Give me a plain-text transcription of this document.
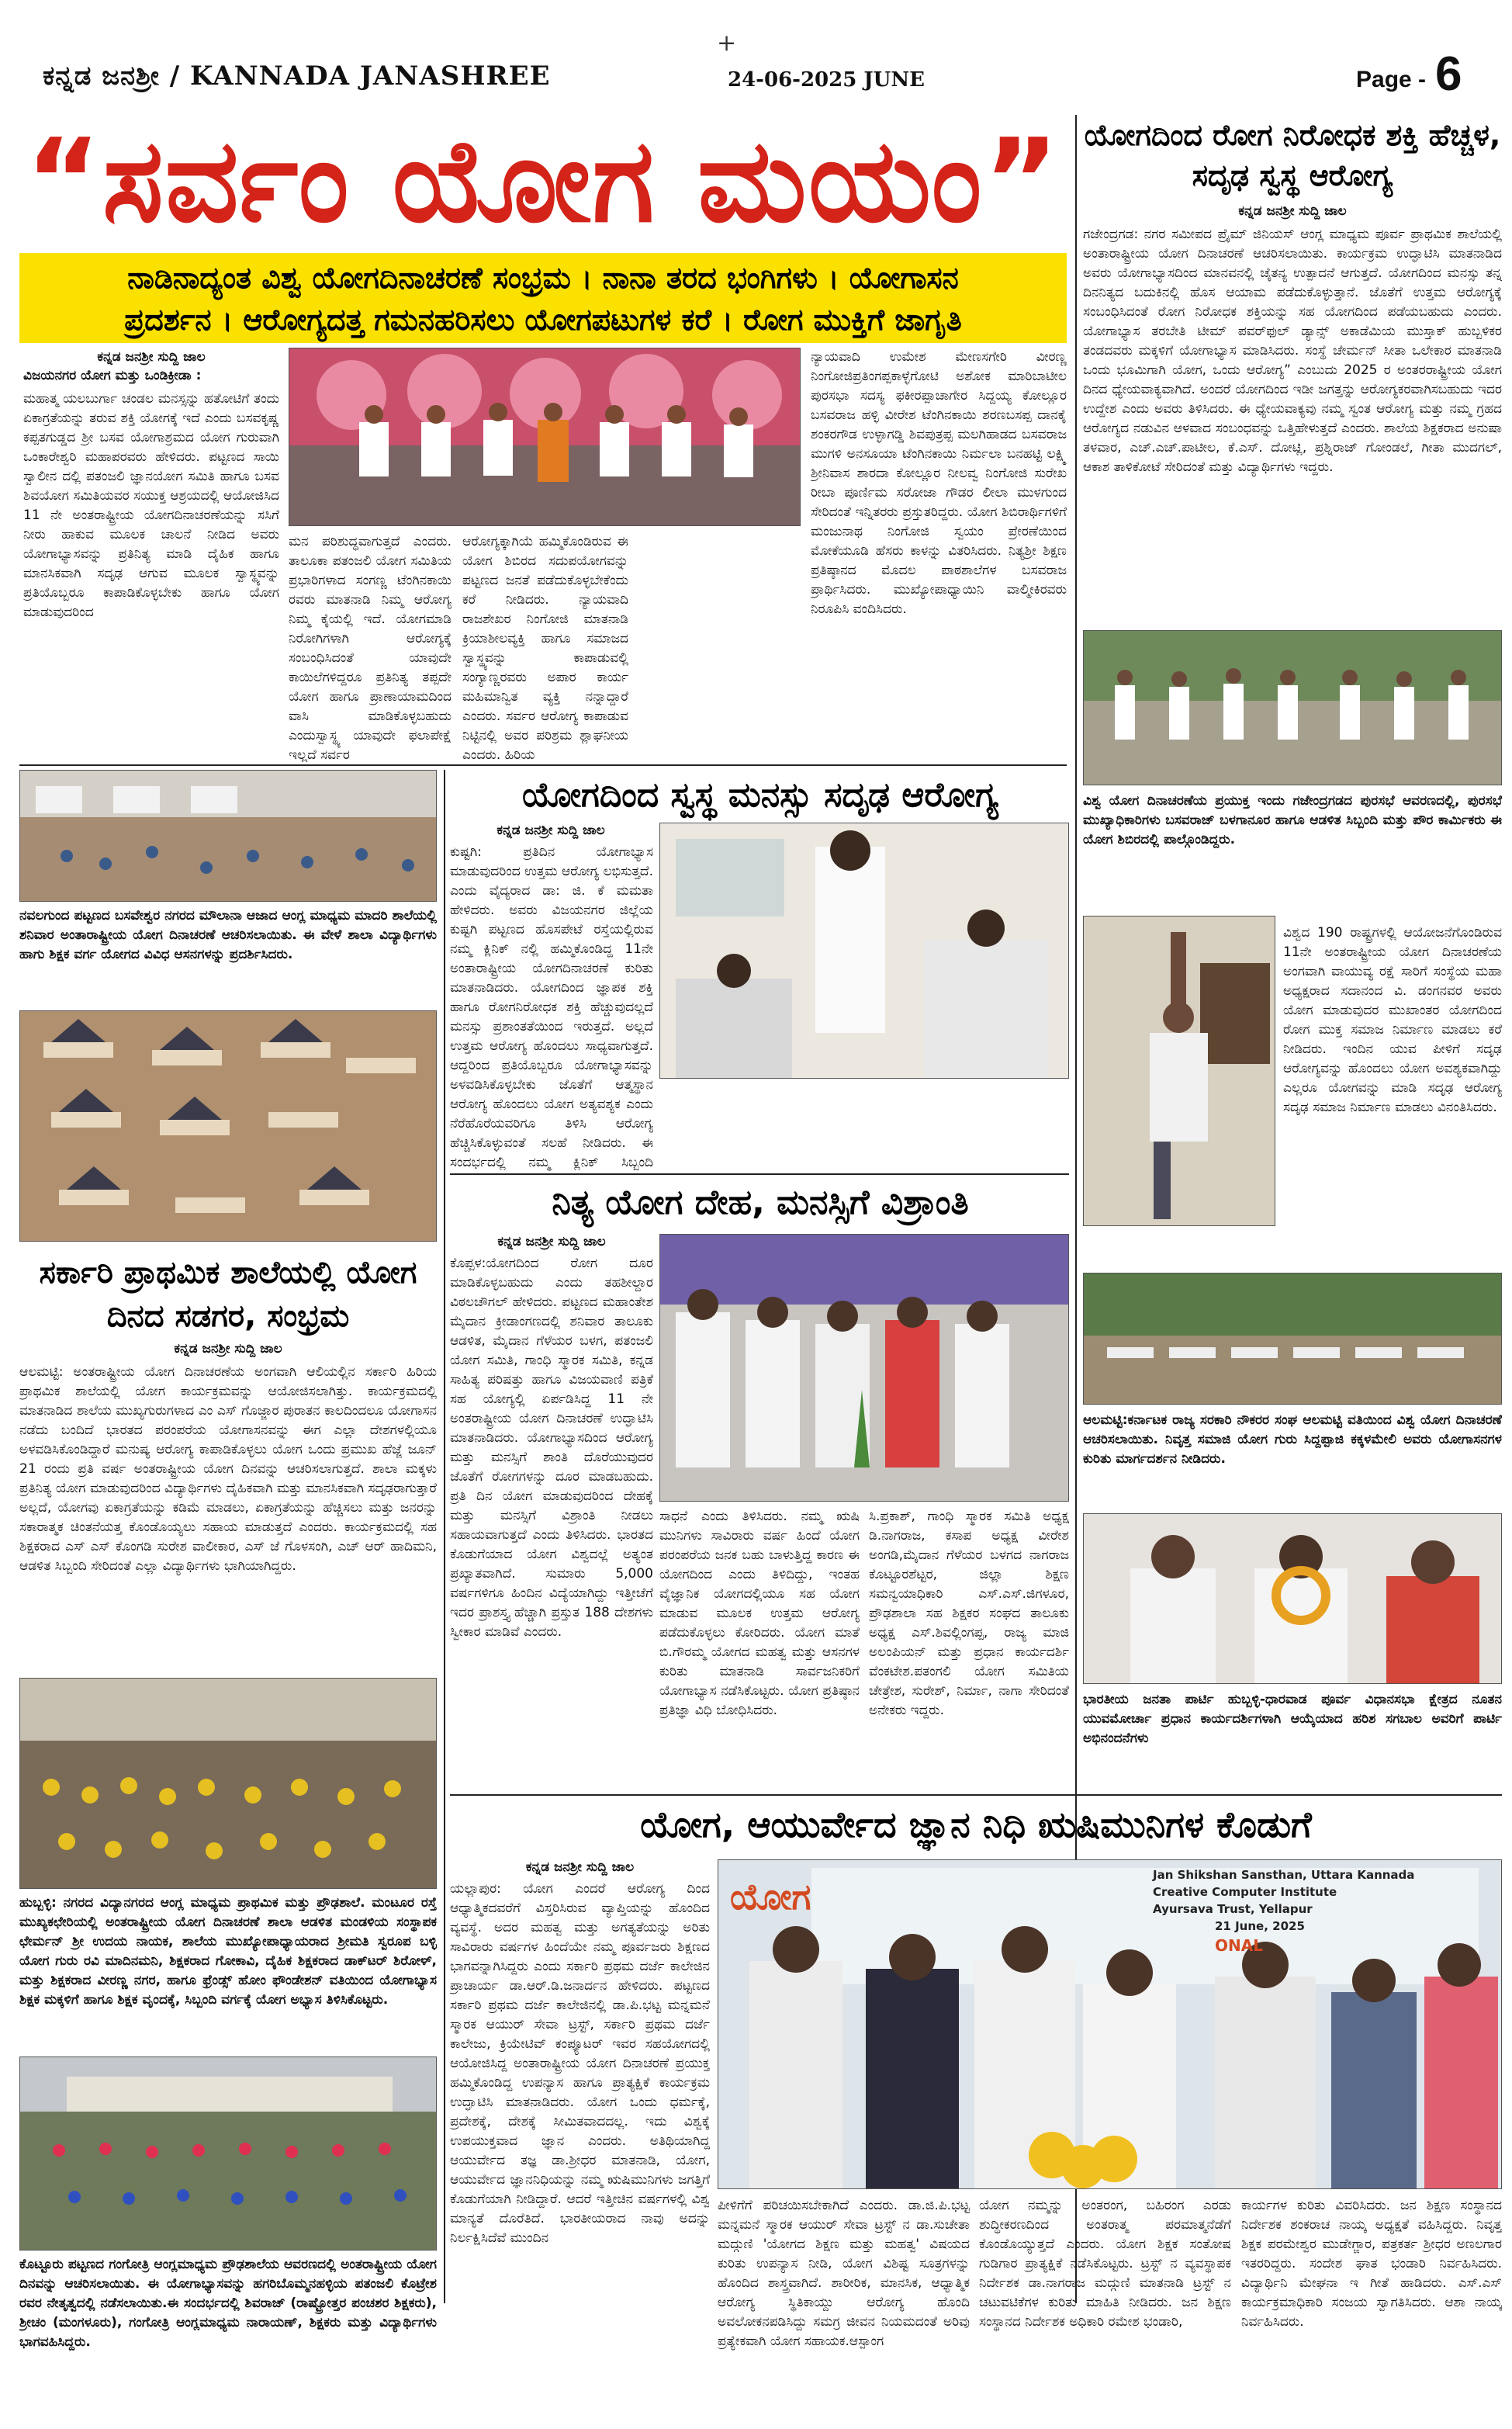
ಕನ್ನಡ ಜನಶ್ರೀ / KANNADA JANASHREE
+
24-06-2025 JUNE	Page - 6
“ಸರ್ವಂ ಯೋಗ ಮಯಂ”
ನಾಡಿನಾದ್ಯಂತ ವಿಶ್ವ ಯೋಗದಿನಾಚರಣೆ ಸಂಭ್ರಮ । ನಾನಾ ತರದ ಭಂಗಿಗಳು । ಯೋಗಾಸನ
ಪ್ರದರ್ಶನ । ಆರೋಗ್ಯದತ್ತ ಗಮನಹರಿಸಲು ಯೋಗಪಟುಗಳ ಕರೆ । ರೋಗ ಮುಕ್ತಿಗೆ ಜಾಗೃತಿ
ಕನ್ನಡ ಜನಶ್ರೀ ಸುದ್ದಿ ಜಾಲ
ವಿಜಯನಗರ ಯೋಗ ಮತ್ತು ಒಂಡಿಕ್ರೀಡಾ :
ಮಹಾತ್ಮ ಯಲಬುರ್ಗಾ ಚಂಡಲ ಮನಸ್ಸನ್ನು ಹತೋಟಿಗೆ ತಂದು ಏಕಾಗ್ರತೆಯನ್ನು ತರುವ ಶಕ್ತಿ ಯೋಗಕ್ಕೆ ಇದೆ ಎಂದು ಬಸವಕೃಷ್ಣ ಕಪ್ಪತಗುಡ್ಡದ ಶ್ರೀ ಬಸವ ಯೋಗಾಶ್ರಮದ ಯೋಗ ಗುರುವಾಗಿ ಒಂಕಾರೇಶ್ವರಿ ಮಹಾಪರವರು ಹೇಳಿದರು. ಪಟ್ಟಣದ ಸಾಯಿ ಸ್ವಾಲೀನ ದಲ್ಲಿ ಪತಂಜಲಿ ಜ್ಞಾನಯೋಗ ಸಮಿತಿ ಹಾಗೂ ಬಸವ ಶಿವಯೋಗ ಸಮಿತಿಯವರ ಸಯುಕ್ತ ಆಶ್ರಯದಲ್ಲಿ ಆಯೋಜಿಸಿದ 11 ನೇ ಅಂತರಾಷ್ಟ್ರೀಯ ಯೋಗದಿನಾಚರಣೆಯನ್ನು ಸಸಿಗೆ ನೀರು ಹಾಕುವ ಮೂಲಕ ಚಾಲನೆ ನೀಡಿದ ಅವರು ಯೋಗಾಭ್ಯಾಸವನ್ನು ಪ್ರತಿನಿತ್ಯ ಮಾಡಿ ದೈಹಿಕ ಹಾಗೂ ಮಾನಸಿಕವಾಗಿ ಸದೃಢ ಆಗುವ ಮೂಲಕ ಸ್ವಾಸ್ಥ್ಯವನ್ನು ಪ್ರತಿಯೊಬ್ಬರೂ ಕಾಪಾಡಿಕೊಳ್ಳಬೇಕು ಹಾಗೂ ಯೋಗ ಮಾಡುವುದರಿಂದ
ಮನ ಪರಿಶುದ್ಧವಾಗುತ್ತದೆ ಎಂದರು. ತಾಲೂಕಾ ಪತಂಜಲಿ ಯೋಗ ಸಮಿತಿಯ ಪ್ರಭಾರಿಗಳಾದ ಸಂಗಣ್ಣ ಟೆಂಗಿನಕಾಯಿ ರವರು ಮಾತನಾಡಿ ನಿಮ್ಮ ಆರೋಗ್ಯ ನಿಮ್ಮ ಕೈಯಲ್ಲಿ ಇದೆ. ಯೋಗಮಾಡಿ ನಿರೋಗಿಗಳಾಗಿ ಆರೋಗ್ಯಕ್ಕೆ ಸಂಬಂಧಿಸಿದಂತೆ ಯಾವುದೇ ಕಾಯಿಲೆಗಳಿದ್ದರೂ ಪ್ರತಿನಿತ್ಯ ತಪ್ಪದೇ ಯೋಗ ಹಾಗೂ ಪ್ರಾಣಾಯಾಮದಿಂದ ವಾಸಿ ಮಾಡಿಕೊಳ್ಳಬಹುದು ಎಂದುಸ್ವಾಸ್ಥ್ಯ ಯಾವುದೇ ಫಲಾಪೇಕ್ಷೆ ಇಲ್ಲದೆ ಸರ್ವರ
ಆರೋಗ್ಯಕ್ಕಾಗಿಯೆ ಹಮ್ಮಿಕೊಂಡಿರುವ ಈ ಯೋಗ ಶಿಬಿರದ ಸದುಪಯೋಗವನ್ನು ಪಟ್ಟಣದ ಜನತೆ ಪಡೆದುಕೊಳ್ಳಬೇಕೆಂದು ಕರೆ ನೀಡಿದರು. ನ್ಯಾಯವಾದಿ ರಾಜಶೇಖರ ನಿಂಗೋಜಿ ಮಾತನಾಡಿ ಕ್ರಿಯಾಶೀಲವ್ಯಕ್ತಿ ಹಾಗೂ ಸಮಾಜದ ಸ್ವಾಸ್ಥ್ಯವನ್ನು ಕಾಪಾಡುವಲ್ಲಿ ಸಂಗ್ಯಾಣ್ಣರವರು ಅಪಾರ ಕಾರ್ಯ ಮಹಿಮಾನ್ವಿತ ವ್ಯಕ್ತಿ ನನ್ನಾದ್ದಾರೆ ಎಂದರು. ಸರ್ವರ ಆರೋಗ್ಯ ಕಾಪಾಡುವ ನಿಟ್ಟಿನಲ್ಲಿ ಅವರ ಪರಿಶ್ರಮ ಶ್ಲಾಘನೀಯ ಎಂದರು. ಹಿರಿಯ
ನ್ಯಾಯವಾದಿ ಉಮೇಶ ಮೇಣಸಗೇರಿ ವೀರಣ್ಣ ನಿಂಗೋಜಿಪ್ರತಿಂಗಪ್ಪಕಾಳ್ಳೆಗೋಟಿ ಅಶೋಕ ಮಾರಿಬಾಟೀಲ ಪುರಸಭಾ ಸದಸ್ಯ ಫಕೀರಪ್ಪಾಚಾಗೇರ ಸಿದ್ದಯ್ಯ ಕೋಲ್ಲೂರ ಬಸವರಾಜ ಹಳ್ಳಿ ವೀರೇಶ ಟೆಂಗಿನಕಾಯಿ ಶರಣಬಸಪ್ಪ ದಾನಕೈ ಶಂಕರಗೌಡ ಉಳ್ಳಾಗಡ್ಡಿ ಶಿವಪುತ್ರಪ್ಪ ಮಲಗಿಹಾಡದ ಬಸವರಾಜ ಮುಗಳಿ ಅನಸೂಯಾ ಟೆಂಗಿನಕಾಯಿ ನಿರ್ಮಲಾ ಬನಹಟ್ಟಿ ಲಕ್ಷ್ಮಿ ಶ್ರೀನಿವಾಸ ಶಾರದಾ ಕೋಲ್ಲೂರ ನೀಲವ್ವ ನಿಂಗೋಜಿ ಸುರೇಖ ರೀಬಾ ಪೂರ್ಣಿಮ ಸರೋಜಾ ಗೌಡರ ಲೀಲಾ ಮುಳಗುಂದ ಸೇರಿದಂತೆ ಇನ್ನಿತರರು ಪ್ರಸ್ತುತರಿದ್ದರು. ಯೋಗ ಶಿಬಿರಾರ್ಥಿಗಳಿಗೆ ಮಂಜುನಾಥ ನಿಂಗೋಜಿ ಸ್ವಯಂ ಪ್ರೇರಣೆಯಿಂದ ಮೋಕೆಯೂಡಿ ಹೆಸರು ಕಾಳನ್ನು ವಿತರಿಸಿದರು. ನಿತ್ಯಶ್ರೀ ಶಿಕ್ಷಣ ಪ್ರತಿಷ್ಠಾನದ ಮೊದಲ ಪಾಠಶಾಲೆಗಳ ಬಸವರಾಜ ಪ್ರಾರ್ಥಿಸಿದರು. ಮುಖ್ಯೋಪಾಧ್ಯಾಯಿನಿ ವಾಲ್ಮೀಕಿರವರು ನಿರೂಪಿಸಿ ವಂದಿಸಿದರು.
ಯೋಗದಿಂದ ರೋಗ ನಿರೋಧಕ ಶಕ್ತಿ ಹೆಚ್ಚಳ, ಸದೃಢ ಸ್ವಸ್ಥ ಆರೋಗ್ಯ
ಕನ್ನಡ ಜನಶ್ರೀ ಸುದ್ದಿ ಜಾಲ
ಗಜೇಂದ್ರಗಡ: ನಗರ ಸಮೀಪದ ಪ್ರೈಮ್ ಜಿನಿಯಸ್ ಆಂಗ್ಲ ಮಾಧ್ಯಮ ಪೂರ್ವ ಪ್ರಾಥಮಿಕ ಶಾಲೆಯಲ್ಲಿ ಅಂತಾರಾಷ್ಟ್ರೀಯ ಯೋಗ ದಿನಾಚರಣೆ ಆಚರಿಸಲಾಯಿತು. ಕಾರ್ಯಕ್ರಮ ಉದ್ಘಾಟಿಸಿ ಮಾತನಾಡಿದ ಅವರು ಯೋಗಾಭ್ಯಾಸದಿಂದ ಮಾನವನಲ್ಲಿ ಚೈತನ್ಯ ಉತ್ಪಾದನೆ ಆಗುತ್ತದೆ. ಯೋಗದಿಂದ ಮನಸ್ಸು ತನ್ನ ದಿನನಿತ್ಯದ ಬದುಕಿನಲ್ಲಿ ಹೊಸ ಆಯಾಮ ಪಡೆದುಕೊಳ್ಳುತ್ತಾನೆ. ಜೊತೆಗೆ ಉತ್ತಮ ಆರೋಗ್ಯಕ್ಕೆ ಸಂಬಂಧಿಸಿದಂತೆ ರೋಗ ನಿರೋಧಕ ಶಕ್ತಿಯನ್ನು ಸಹ ಯೋಗದಿಂದ ಪಡೆಯಬಹುದು ಎಂದರು. ಯೋಗಾಭ್ಯಾಸ ತರಬೇತಿ ಟೀಮ್ ಪವರ್‌ಫುಲ್ ಡ್ಯಾನ್ಸ್ ಅಕಾಡೆಮಿಯ ಮುಸ್ತಾಕ್ ಹುಬ್ಬಳಿಕರ ತಂಡದವರು ಮಕ್ಕಳಿಗೆ ಯೋಗಾಭ್ಯಾಸ ಮಾಡಿಸಿದರು. ಸಂಸ್ಥೆ ಚೇರ್ಮನ್ ಸೀತಾ ಒಲೇಕಾರ ಮಾತನಾಡಿ ಒಂದು ಭೂಮಿಗಾಗಿ ಯೋಗ, ಒಂದು ಆರೋಗ್ಯ” ಎಂಬುದು 2025 ರ ಅಂತರರಾಷ್ಟ್ರೀಯ ಯೋಗ ದಿನದ ಧ್ಯೇಯವಾಕ್ಯವಾಗಿದೆ. ಅಂದರೆ ಯೋಗದಿಂದ ಇಡೀ ಜಗತ್ತನ್ನು ಆರೋಗ್ಯಕರವಾಗಿಸಬಹುದು ಇದರ ಉದ್ದೇಶ ಎಂದು ಅವರು ತಿಳಿಸಿದರು. ಈ ಧ್ಯೇಯವಾಕ್ಯವು ನಮ್ಮ ಸ್ವಂತ ಆರೋಗ್ಯ ಮತ್ತು ನಮ್ಮ ಗ್ರಹದ ಆರೋಗ್ಯದ ನಡುವಿನ ಆಳವಾದ ಸಂಬಂಧವನ್ನು ಒತ್ತಿಹೇಳುತ್ತದೆ ಎಂದರು. ಶಾಲೆಯ ಶಿಕ್ಷಕರಾದ ಅನುಷಾ ತಳವಾರ, ಎಚ್.ಎಚ್.ಪಾಟೀಲ, ಕೆ.ಎಸ್. ದೋಟ್ಲಿ, ಪ್ರಶ್ನಿರಾಜ್ ಗೋಂಡಲೆ, ಗೀತಾ ಮುದಗಲ್, ಆಕಾಶ ತಾಳಿಕೋಟೆ ಸೇರಿದಂತೆ ಮತ್ತು ವಿದ್ಯಾರ್ಥಿಗಳು ಇದ್ದರು.
ವಿಶ್ವ ಯೋಗ ದಿನಾಚರಣೆಯ ಪ್ರಯುಕ್ತ ಇಂದು ಗಜೇಂದ್ರಗಡದ ಪುರಸಭೆ ಆವರಣದಲ್ಲಿ, ಪುರಸಭೆ ಮುಖ್ಯಾಧಿಕಾರಿಗಳು ಬಸವರಾಜ್ ಬಳಗಾನೂರ ಹಾಗೂ ಆಡಳಿತ ಸಿಬ್ಬಂದಿ ಮತ್ತು ಪೌರ ಕಾರ್ಮಿಕರು ಈ ಯೋಗ ಶಿಬಿರದಲ್ಲಿ ಪಾಲ್ಗೊಂಡಿದ್ದರು.
ವಿಶ್ವದ 190 ರಾಷ್ಟ್ರಗಳಲ್ಲಿ ಆಯೋಜನೆಗೊಂಡಿರುವ 11ನೇ ಅಂತರಾಷ್ಟ್ರೀಯ ಯೋಗ ದಿನಾಚರಣೆಯ ಅಂಗವಾಗಿ ವಾಯುವ್ಯ ರಕ್ಷೆ ಸಾರಿಗೆ ಸಂಸ್ಥೆಯ ಮಹಾ ಅಧ್ಯಕ್ಷರಾದ ಸದಾನಂದ ವಿ. ಡಂಗನವರ ಅವರು ಯೋಗ ಮಾಡುವುದರ ಮುಖಾಂತರ ಯೋಗದಿಂದ ರೋಗ ಮುಕ್ತ ಸಮಾಜ ನಿರ್ಮಾಣ ಮಾಡಲು ಕರೆ ನೀಡಿದರು. ಇಂದಿನ ಯುವ ಪೀಳಿಗೆ ಸದೃಢ ಆರೋಗ್ಯವನ್ನು ಹೊಂದಲು ಯೋಗ ಅವಶ್ಯಕವಾಗಿದ್ದು ಎಲ್ಲರೂ ಯೋಗವನ್ನು ಮಾಡಿ ಸದೃಢ ಆರೋಗ್ಯ ಸದೃಢ ಸಮಾಜ ನಿರ್ಮಾಣ ಮಾಡಲು ವಿನಂತಿಸಿದರು.
ಆಲಮಟ್ಟಿ:ಕರ್ನಾಟಕ ರಾಜ್ಯ ಸರಕಾರಿ ನೌಕರರ ಸಂಘ ಆಲಮಟ್ಟಿ ವತಿಯಿಂದ ವಿಶ್ವ ಯೋಗ ದಿನಾಚರಣೆ ಆಚರಿಸಲಾಯಿತು. ನಿವೃತ್ತ ಸಮಾಜಿ ಯೋಗ ಗುರು ಸಿದ್ದಪ್ಪಾಜಿ ಕಕ್ಕಳಮೇಲಿ ಅವರು ಯೋಗಾಸನಗಳ ಕುರಿತು ಮಾರ್ಗದರ್ಶನ ನೀಡಿದರು.
ಭಾರತೀಯ ಜನತಾ ಪಾರ್ಟಿ ಹುಬ್ಬಳ್ಳಿ-ಧಾರವಾಡ ಪೂರ್ವ ವಿಧಾನಸಭಾ ಕ್ಷೇತ್ರದ ನೂತನ ಯುವಮೋರ್ಚಾ ಪ್ರಧಾನ ಕಾರ್ಯದರ್ಶಿಗಳಾಗಿ ಆಯ್ಕೆಯಾದ ಹರಿಶ ಸಗಬಾಲ ಅವರಿಗೆ ಪಾರ್ಟಿ ಅಭಿನಂದನೆಗಳು
ನವಲಗುಂದ ಪಟ್ಟಣದ ಬಸವೇಶ್ವರ ನಗರದ ಮೌಲಾನಾ ಆಜಾದ ಆಂಗ್ಲ ಮಾಧ್ಯಮ ಮಾದರಿ ಶಾಲೆಯಲ್ಲಿ ಶನಿವಾರ ಅಂತಾರಾಷ್ಟ್ರೀಯ ಯೋಗ ದಿನಾಚರಣೆ ಆಚರಿಸಲಾಯಿತು. ಈ ವೇಳೆ ಶಾಲಾ ವಿದ್ಯಾರ್ಥಿಗಳು ಹಾಗು ಶಿಕ್ಷಕ ವರ್ಗ ಯೋಗದ ವಿವಿಧ ಆಸನಗಳನ್ನು ಪ್ರದರ್ಶಿಸಿದರು.
ಸರ್ಕಾರಿ ಪ್ರಾಥಮಿಕ ಶಾಲೆಯಲ್ಲಿ ಯೋಗ ದಿನದ ಸಡಗರ, ಸಂಭ್ರಮ
ಕನ್ನಡ ಜನಶ್ರೀ ಸುದ್ದಿ ಜಾಲ
ಆಲಮಟ್ಟಿ: ಅಂತರಾಷ್ಟ್ರೀಯ ಯೋಗ ದಿನಾಚರಣೆಯ ಅಂಗವಾಗಿ ಆಲಿಯಲ್ಲಿನ ಸರ್ಕಾರಿ ಹಿರಿಯ ಪ್ರಾಥಮಿಕ ಶಾಲೆಯಲ್ಲಿ ಯೋಗ ಕಾರ್ಯಕ್ರಮವನ್ನು ಆಯೋಜಿಸಲಾಗಿತ್ತು. ಕಾರ್ಯಕ್ರಮದಲ್ಲಿ ಮಾತನಾಡಿದ ಶಾಲೆಯ ಮುಖ್ಯಗುರುಗಳಾದ ಎಂ ಎಸ್ ಗೊಜ್ಜಾರ ಪುರಾತನ ಕಾಲದಿಂದಲೂ ಯೋಗಾಸನ ನಡೆದು ಬಂದಿದೆ ಭಾರತದ ಪರಂಪರೆಯ ಯೋಗಾಸನವನ್ನು ಈಗ ಎಲ್ಲಾ ದೇಶಗಳಲ್ಲಿಯೂ ಅಳವಡಿಸಿಕೊಂಡಿದ್ದಾರೆ ಮನುಷ್ಯ ಆರೋಗ್ಯ ಕಾಪಾಡಿಕೊಳ್ಳಲು ಯೋಗ ಒಂದು ಪ್ರಮುಖ ಹೆಜ್ಜೆ ಜೂನ್ 21 ರಂದು ಪ್ರತಿ ವರ್ಷ ಅಂತರಾಷ್ಟ್ರೀಯ ಯೋಗ ದಿನವನ್ನು ಆಚರಿಸಲಾಗುತ್ತದೆ. ಶಾಲಾ ಮಕ್ಕಳು ಪ್ರತಿನಿತ್ಯ ಯೋಗ ಮಾಡುವುದರಿಂದ ವಿದ್ಯಾರ್ಥಿಗಳು ದೈಹಿಕವಾಗಿ ಮತ್ತು ಮಾನಸಿಕವಾಗಿ ಸದೃಢರಾಗುತ್ತಾರೆ ಅಲ್ಲದೆ, ಯೋಗವು ಏಕಾಗ್ರತೆಯನ್ನು ಕಡಿಮೆ ಮಾಡಲು, ಏಕಾಗ್ರತೆಯನ್ನು ಹೆಚ್ಚಿಸಲು ಮತ್ತು ಜನರನ್ನು ಸಕಾರಾತ್ಮಕ ಚಿಂತನೆಯತ್ತ ಕೊಂಡೊಯ್ಯಲು ಸಹಾಯ ಮಾಡುತ್ತದೆ ಎಂದರು. ಕಾರ್ಯಕ್ರಮದಲ್ಲಿ ಸಹ ಶಿಕ್ಷಕರಾದ ಎಸ್ ಎಸ್ ಕೊಂಗಡಿ ಸುರೇಶ ವಾಲೀಕಾರ, ಎಸ್ ಜೆ ಗೊಳಸಂಗಿ, ಎಚ್ ಆರ್ ಹಾದಿಮನಿ, ಆಡಳಿತ ಸಿಬ್ಬಂದಿ ಸೇರಿದಂತೆ ಎಲ್ಲಾ ವಿದ್ಯಾರ್ಥಿಗಳು ಭಾಗಿಯಾಗಿದ್ದರು.
ಹುಬ್ಬಳ್ಳಿ: ನಗರದ ವಿದ್ಯಾನಗರದ ಆಂಗ್ಲ ಮಾಧ್ಯಮ ಪ್ರಾಥಮಿಕ ಮತ್ತು ಪ್ರೌಢಶಾಲೆ. ಮಂಟೂರ ರಸ್ತೆ ಮುಖ್ಯಕಛೇರಿಯಲ್ಲಿ ಅಂತರಾಷ್ಟ್ರೀಯ ಯೋಗ ದಿನಾಚರಣೆ ಶಾಲಾ ಆಡಳಿತ ಮಂಡಳಿಯ ಸಂಸ್ಥಾಪಕ ಛೇರ್ಮನ್ ಶ್ರೀ ಉದಯ ನಾಯಕ, ಶಾಲೆಯ ಮುಖ್ಯೋಪಾಧ್ಯಾಯರಾದ ಶ್ರೀಮತಿ ಸ್ವರೂಪ ಬಳ್ಳಿ ಯೋಗ ಗುರು ರವಿ ಮಾದಿನಮನಿ, ಶಿಕ್ಷಕರಾದ ಗೋಕಾವಿ, ದೈಹಿಕ ಶಿಕ್ಷಕರಾದ ಡಾಕ್‌ಟರ್ ಶಿರೋಳ್, ಮತ್ತು ಶಿಕ್ಷಕರಾದ ವೀರಣ್ಣ ನಗರ, ಹಾಗೂ ಫ್ರೆಂಡ್ಸ್ ಹೋಂ ಫೌಂಡೇಶನ್ ವತಿಯಿಂದ ಯೋಗಾಭ್ಯಾಸ ಶಿಕ್ಷಕ ಮಕ್ಕಳಿಗೆ ಹಾಗೂ ಶಿಕ್ಷಕ ವೃಂದಕ್ಕೆ, ಸಿಬ್ಬಂದಿ ವರ್ಗಕ್ಕೆ ಯೋಗ ಅಭ್ಯಾಸ ತಿಳಿಸಿಕೊಟ್ಟರು.
ಕೊಟ್ಟೂರು ಪಟ್ಟಣದ ಗಂಗೋತ್ರಿ ಆಂಗ್ಲಮಾಧ್ಯಮ ಪ್ರೌಢಶಾಲೆಯ ಆವರಣದಲ್ಲಿ ಅಂತರಾಷ್ಟ್ರೀಯ ಯೋಗ ದಿನವನ್ನು ಆಚರಿಸಲಾಯಿತು. ಈ ಯೋಗಾಭ್ಯಾಸವನ್ನು ಹಗರಿಬೊಮ್ಮನಹಳ್ಳಿಯ ಪತಂಜಲಿ ಕೊಟ್ರೇಶ ರವರ ನೇತೃತ್ವದಲ್ಲಿ ನಡೆಸಲಾಯಿತು.ಈ ಸಂದರ್ಭದಲ್ಲಿ ಶಿವರಾಜ್ (ರಾಷ್ಟ್ರೋತ್ತರ ಪಂಚಶರ ಶಿಕ್ಷಕರು), ಶ್ರೀಚಂ (ಮಂಗಳೂರು), ಗಂಗೋತ್ರಿ ಆಂಗ್ಲಮಾಧ್ಯಮ ನಾರಾಯಣ್, ಶಿಕ್ಷಕರು ಮತ್ತು ವಿದ್ಯಾರ್ಥಿಗಳು ಭಾಗವಹಿಸಿದ್ದರು.
ಯೋಗದಿಂದ ಸ್ವಸ್ಥ ಮನಸ್ಸು ಸದೃಢ ಆರೋಗ್ಯ
ಕನ್ನಡ ಜನಶ್ರೀ ಸುದ್ದಿ ಜಾಲ
ಕುಷ್ಟಗಿ: ಪ್ರತಿದಿನ ಯೋಗಾಭ್ಯಾಸ ಮಾಡುವುದರಿಂದ ಉತ್ತಮ ಆರೋಗ್ಯ ಲಭಿಸುತ್ತದೆ. ಎಂದು ವೈದ್ಯರಾದ ಡಾ: ಜಿ. ಕೆ ಮಮತಾ ಹೇಳಿದರು. ಅವರು ವಿಜಯನಗರ ಜಿಲ್ಲೆಯ ಕುಷ್ಟಗಿ ಪಟ್ಟಣದ ಹೊಸಪೇಟೆ ರಸ್ತೆಯಲ್ಲಿರುವ ನಮ್ಮ ಕ್ಲಿನಿಕ್ ನಲ್ಲಿ ಹಮ್ಮಿಕೊಂಡಿದ್ದ 11ನೇ ಅಂತಾರಾಷ್ಟ್ರೀಯ ಯೋಗದಿನಾಚರಣೆ ಕುರಿತು ಮಾತನಾಡಿದರು. ಯೋಗದಿಂದ ಜ್ಞಾಪಕ ಶಕ್ತಿ ಹಾಗೂ ರೋಗನಿರೋಧಕ ಶಕ್ತಿ ಹೆಚ್ಚುವುದಲ್ಲದೆ ಮನಸ್ಸು ಪ್ರಶಾಂತತೆಯಿಂದ ಇರುತ್ತದೆ. ಅಲ್ಲದೆ ಉತ್ತಮ ಆರೋಗ್ಯ ಹೊಂದಲು ಸಾಧ್ಯವಾಗುತ್ತದೆ. ಆದ್ದರಿಂದ ಪ್ರತಿಯೊಬ್ಬರೂ ಯೋಗಾಭ್ಯಾಸವನ್ನು ಅಳವಡಿಸಿಕೊಳ್ಳಬೇಕು ಜೊತೆಗೆ ಆತ್ಮಸ್ಥಾನ ಆರೋಗ್ಯ ಹೊಂದಲು ಯೋಗ ಅತ್ಯವಶ್ಯಕ ಎಂದು ನೆರೆಹೊರೆಯವರಿಗೂ ತಿಳಿಸಿ ಆರೋಗ್ಯ ಹೆಚ್ಚಿಸಿಕೊಳ್ಳುವಂತೆ ಸಲಹೆ ನೀಡಿದರು. ಈ ಸಂದರ್ಭದಲ್ಲಿ ನಮ್ಮ ಕ್ಲಿನಿಕ್ ಸಿಬ್ಬಂದಿ
ನಿತ್ಯ ಯೋಗ ದೇಹ, ಮನಸ್ಸಿಗೆ ವಿಶ್ರಾಂತಿ
ಕನ್ನಡ ಜನಶ್ರೀ ಸುದ್ದಿ ಜಾಲ
ಕೊಪ್ಪಳ:ಯೋಗದಿಂದ ರೋಗ ದೂರ ಮಾಡಿಕೊಳ್ಳಬಹುದು ಎಂದು ತಹಶೀಲ್ದಾರ ವಿಠಲಚೌಗಲ್ ಹೇಳಿದರು. ಪಟ್ಟಣದ ಮಹಾಂತೇಶ ಮೈದಾನ ಕ್ರೀಡಾಂಗಣದಲ್ಲಿ ಶನಿವಾರ ತಾಲೂಕು ಆಡಳಿತ, ಮೈದಾನ ಗೆಳೆಯರ ಬಳಗ, ಪತಂಜಲಿ ಯೋಗ ಸಮಿತಿ, ಗಾಂಧಿ ಸ್ಮಾರಕ ಸಮಿತಿ, ಕನ್ನಡ ಸಾಹಿತ್ಯ ಪರಿಷತ್ತು ಹಾಗೂ ವಿಜಯವಾಣಿ ಪತ್ರಿಕೆ ಸಹ ಯೋಗ್ಯಲ್ಲಿ ಏರ್ಪಡಿಸಿದ್ದ 11 ನೇ ಅಂತರಾಷ್ಟ್ರೀಯ ಯೋಗ ದಿನಾಚರಣೆ ಉದ್ಘಾಟಿಸಿ ಮಾತನಾಡಿದರು. ಯೋಗಾಭ್ಯಾಸದಿಂದ ಆರೋಗ್ಯ ಮತ್ತು ಮನಸ್ಸಿಗೆ ಶಾಂತಿ ದೊರೆಯುವುದರ ಜೊತೆಗೆ ರೋಗಗಳನ್ನು ದೂರ ಮಾಡಬಹುದು. ಪ್ರತಿ ದಿನ ಯೋಗ ಮಾಡುವುದರಿಂದ ದೇಹಕ್ಕೆ ಮತ್ತು ಮನಸ್ಸಿಗೆ ವಿಶ್ರಾಂತಿ ನೀಡಲು ಸಹಾಯವಾಗುತ್ತದೆ ಎಂದು ತಿಳಿಸಿದರು. ಭಾರತದ ಕೊಡುಗೆಯಾದ ಯೋಗ ವಿಶ್ವದಲ್ಲೆ ಅತ್ಯಂತ ಪ್ರಖ್ಯಾತವಾಗಿದೆ. ಸುಮಾರು 5,000 ವರ್ಷಗಳಿಗೂ ಹಿಂದಿನ ವಿದ್ಯೆಯಾಗಿದ್ದು ಇತ್ತೀಚೆಗೆ ಇದರ ಪ್ರಾಶಸ್ತ್ಯ ಹೆಚ್ಚಾಗಿ ಪ್ರಸ್ತುತ 188 ದೇಶಗಳು ಸ್ವೀಕಾರ ಮಾಡಿವೆ ಎಂದರು.
ಸಾಧನೆ ಎಂದು ತಿಳಿಸಿದರು. ನಮ್ಮ ಋಷಿ ಮುನಿಗಳು ಸಾವಿರಾರು ವರ್ಷ ಹಿಂದೆ ಯೋಗ ಪರಂಪರೆಯ ಜನಕ ಬಹು ಬಾಳುತ್ತಿದ್ದ ಕಾರಣ ಈ ಯೋಗದಿಂದ ಎಂದು ತಿಳಿದಿದ್ದು, ಇಂತಹ ವೈಜ್ಞಾನಿಕ ಯೋಗದಲ್ಲಿಯೂ ಸಹ ಯೋಗ ಮಾಡುವ ಮೂಲಕ ಉತ್ತಮ ಆರೋಗ್ಯ ಪಡೆದುಕೊಳ್ಳಲು ಕೋರಿದರು. ಯೋಗ ಮಾತೆ ಬಿ.ಗೌರಮ್ಮ ಯೋಗದ ಮಹತ್ವ ಮತ್ತು ಆಸನಗಳ ಕುರಿತು ಮಾತನಾಡಿ ಸಾರ್ವಜನಿಕರಿಗೆ ಯೋಗಾಭ್ಯಾಸ ನಡೆಸಿಕೊಟ್ಟರು. ಯೋಗ ಪ್ರತಿಷ್ಠಾನ ಪ್ರತಿಜ್ಞಾ ವಿಧಿ ಬೋಧಿಸಿದರು.
ಸಿ.ಪ್ರಕಾಶ್, ಗಾಂಧಿ ಸ್ಮಾರಕ ಸಮಿತಿ ಅಧ್ಯಕ್ಷ ಡಿ.ನಾಗರಾಜ, ಕಸಾಪ ಅಧ್ಯಕ್ಷ ವೀರೇಶ ಅಂಗಡಿ,ಮೈದಾನ ಗೆಳೆಯರ ಬಳಗದ ನಾಗರಾಜ ಕೊಟ್ಟೂರಶೆಟ್ಟರ, ಜಿಲ್ಲಾ ಶಿಕ್ಷಣ ಸಮನ್ವಯಾಧಿಕಾರಿ ಎಸ್.ಎಸ್.ಜಿಗಳೂರ, ಪ್ರೌಢಶಾಲಾ ಸಹ ಶಿಕ್ಷಕರ ಸಂಘದ ತಾಲೂಕು ಅಧ್ಯಕ್ಷ ಎಸ್.ಶಿವಲ್ಲಿಂಗಪ್ಪ, ರಾಜ್ಯ ಮಾಜಿ ಅಲಂಪಿಯನ್ ಮತ್ತು ಪ್ರಧಾನ ಕಾರ್ಯದರ್ಶಿ ವೆಂಕಟೇಶ.ಪತಂಗಲಿ ಯೋಗ ಸಮಿತಿಯ ಚೇತ್ರೇಶ, ಸುರೇಶ್, ನಿರ್ಮಾ, ನಾಗಾ ಸೇರಿದಂತೆ ಅನೇಕರು ಇದ್ದರು.
ಯೋಗ, ಆಯುರ್ವೇದ ಜ್ಞಾನ ನಿಧಿ ಋಷಿಮುನಿಗಳ ಕೊಡುಗೆ
ಕನ್ನಡ ಜನಶ್ರೀ ಸುದ್ದಿ ಜಾಲ
ಯಲ್ಲಾಪುರ: ಯೋಗ ಎಂದರೆ ಆರೋಗ್ಯ ದಿಂದ ಆಧ್ಯಾತ್ಮಿಕದವರೆಗೆ ವಿಸ್ತರಿಸಿರುವ ವ್ಯಾಪ್ತಿಯನ್ನು ಹೊಂದಿದ ವ್ಯವಸ್ಥೆ. ಅದರ ಮಹತ್ವ ಮತ್ತು ಅಗತ್ಯತೆಯನ್ನು ಅರಿತು ಸಾವಿರಾರು ವರ್ಷಗಳ ಹಿಂದೆಯೇ ನಮ್ಮ ಪೂರ್ವಜರು ಶಿಕ್ಷಣದ ಭಾಗವನ್ನಾಗಿಸಿದ್ದರು ಎಂದು ಸರ್ಕಾರಿ ಪ್ರಥಮ ದರ್ಜೆ ಕಾಲೇಜಿನ ಪ್ರಾಚಾರ್ಯ ಡಾ.ಆರ್.ಡಿ.ಜನಾರ್ದನ ಹೇಳಿದರು. ಪಟ್ಟಣದ ಸರ್ಕಾರಿ ಪ್ರಥಮ ದರ್ಜೆ ಕಾಲೇಜಿನಲ್ಲಿ ಡಾ.ಪಿ.ಭಟ್ಟ ಮನ್ನಮನೆ ಸ್ಮಾರಕ ಆಯುರ್ ಸೇವಾ ಟ್ರಸ್ಟ್, ಸರ್ಕಾರಿ ಪ್ರಥಮ ದರ್ಜೆ ಕಾಲೇಜು, ಕ್ರಿಯೇಟಿವ್ ಕಂಪ್ಯೂಟರ್ ಇವರ ಸಹಯೋಗದಲ್ಲಿ ಆಯೋಜಿಸಿದ್ದ ಅಂತಾರಾಷ್ಟ್ರೀಯ ಯೋಗ ದಿನಾಚರಣೆ ಪ್ರಯುಕ್ತ ಹಮ್ಮಿಕೊಂಡಿದ್ದ ಉಪನ್ಯಾಸ ಹಾಗೂ ಪ್ರಾತ್ಯಕ್ಷಿಕೆ ಕಾರ್ಯಕ್ರಮ ಉದ್ಘಾಟಿಸಿ ಮಾತನಾಡಿದರು. ಯೋಗ ಒಂದು ಧರ್ಮಕ್ಕೆ, ಪ್ರದೇಶಕ್ಕೆ, ದೇಶಕ್ಕೆ ಸೀಮಿತವಾದದಲ್ಲ. ಇದು ವಿಶ್ವಕ್ಕೆ ಉಪಯುಕ್ತವಾದ ಜ್ಞಾನ ಎಂದರು. ಅತಿಥಿಯಾಗಿದ್ದ ಆಯುರ್ವೇದ ತಜ್ಞ ಡಾ.ಶ್ರೀಧರ ಮಾತನಾಡಿ, ಯೋಗ, ಆಯುರ್ವೇದ ಜ್ಞಾನನಿಧಿಯನ್ನು ನಮ್ಮ ಋಷಿಮುನಿಗಳು ಜಗತ್ತಿಗೆ ಕೊಡುಗೆಯಾಗಿ ನೀಡಿದ್ದಾರೆ. ಆದರೆ ಇತ್ತೀಚಿನ ವರ್ಷಗಳಲ್ಲಿ ವಿಶ್ವ ಮಾನ್ಯತೆ ದೊರೆತಿದೆ. ಭಾರತೀಯರಾದ ನಾವು ಅದನ್ನು ನಿರ್ಲಕ್ಷಿಸಿದೆವೆ ಮುಂದಿನ
ಯೋಗ
Jan Shikshan Sansthan, Uttara Kannada
Creative Computer Institute
Ayursava Trust, Yellapur
21 June, 2025
ONAL
ಪೀಳಿಗೆಗೆ ಪರಿಚಯಿಸಬೇಕಾಗಿದೆ ಎಂದರು. ಡಾ.ಜಿ.ಪಿ.ಭಟ್ಟ ಮನ್ನಮನೆ ಸ್ಮಾರಕ ಆಯುರ್ ಸೇವಾ ಟ್ರಸ್ಟ್ ನ ಡಾ.ಸುಚೇತಾ ಮದ್ಗುಣಿ 'ಯೋಗದ ಶಿಕ್ಷಣ ಮತ್ತು ಮಹತ್ವ' ವಿಷಯದ ಕುರಿತು ಉಪನ್ಯಾಸ ನೀಡಿ, ಯೋಗ ವಿಶಿಷ್ಟ ಸೂತ್ರಗಳನ್ನು ಹೊಂದಿದ ಶಾಸ್ತ್ರವಾಗಿದೆ. ಶಾರೀರಿಕ, ಮಾನಸಿಕ, ಆಧ್ಯಾತ್ಮಿಕ ಆರೋಗ್ಯ ಸ್ಥಿತಿಕಾಯ್ದು ಆರೋಗ್ಯ ಹೊಂದಿ ಅವಲೋಕನಪಡಿಸಿದ್ದು ಸಮಗ್ರ ಜೀವನ ನಿಯಮದಂತೆ ಅರಿವು ಪ್ರತ್ಯೇಕವಾಗಿ ಯೋಗ ಸಹಾಯಕ.ಆಸ್ಪಾಂಗ
ಯೋಗ ನಮ್ಮನ್ನು ಅಂತರಂಗ, ಬಹಿರಂಗ ಎರಡು ಶುದ್ಧೀಕರಣದಿಂದ ಅಂತರಾತ್ಮ ಪರಮಾತ್ಮನೆಡೆಗೆ ಕೊಂಡೊಯ್ಯುತ್ತದೆ ಎಂದರು. ಯೋಗ ಶಿಕ್ಷಕ ಸಂತೋಷ ಗುಡಿಗಾರ ಪ್ರಾತ್ಯಕ್ಷಿಕೆ ನಡೆಸಿಕೊಟ್ಟರು. ಟ್ರಸ್ಟ್ ನ ವ್ಯವಸ್ಥಾಪಕ ನಿರ್ದೇಶಕ ಡಾ.ನಾಗರಾಜ ಮದ್ಗುಣಿ ಮಾತನಾಡಿ ಟ್ರಸ್ಟ್ ನ ಚಟುವಟಿಕೆಗಳ ಕುರಿತು ಮಾಹಿತಿ ನೀಡಿದರು. ಜನ ಶಿಕ್ಷಣ ಸಂಸ್ಥಾನದ ನಿರ್ದೇಶಕ ಅಧಿಕಾರಿ ರಮೇಶ ಭಂಡಾರಿ,
ಕಾರ್ಯಗಳ ಕುರಿತು ವಿವರಿಸಿದರು. ಜನ ಶಿಕ್ಷಣ ಸಂಸ್ಥಾನದ ನಿರ್ದೇಶಕ ಶಂಕರಾಚ ನಾಯ್ಕ ಅಧ್ಯಕ್ಷತೆ ವಹಿಸಿದ್ದರು. ನಿವೃತ್ತ ಶಿಕ್ಷಕ ಪರಮೇಶ್ವರ ಮುಡೇಗ್ಜಾರ, ಪತ್ರಕರ್ತ ಶ್ರೀಧರ ಅಣಲಗಾರ ಇತರರಿದ್ದರು. ಸಂದೇಶ ಘಾತ ಭಂಡಾರಿ ನಿರ್ವಹಿಸಿದರು. ವಿದ್ಯಾರ್ಥಿನಿ ಮೇಘನಾ ಇ ಗೀತೆ ಹಾಡಿದರು. ಎಸ್.ಎಸ್ ಕಾರ್ಯಕ್ರಮಾಧಿಕಾರಿ ಸಂಜಯ ಸ್ವಾಗತಿಸಿದರು. ಆಶಾ ನಾಯ್ಕ ನಿರ್ವಹಿಸಿದರು.
